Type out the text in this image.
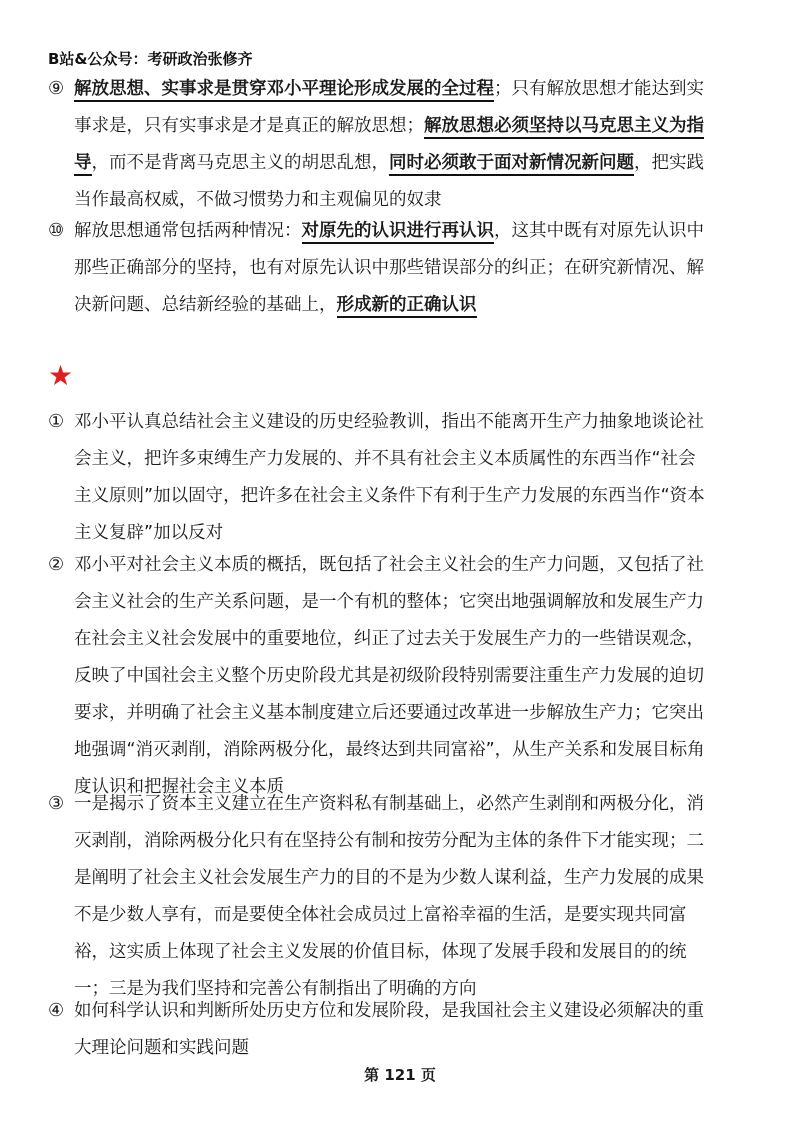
B站&公众号：考研政治张修齐
⑨ 解放思想、实事求是贯穿邓小平理论形成发展的全过程；只有解放思想才能达到实
事求是，只有实事求是才是真正的解放思想；解放思想必须坚持以马克思主义为指
导，而不是背离马克思主义的胡思乱想，同时必须敢于面对新情况新问题，把实践
当作最高权威，不做习惯势力和主观偏见的奴隶
⑩ 解放思想通常包括两种情况：对原先的认识进行再认识，这其中既有对原先认识中
那些正确部分的坚持，也有对原先认识中那些错误部分的纠正；在研究新情况、解
决新问题、总结新经验的基础上，形成新的正确认识
★
① 邓小平认真总结社会主义建设的历史经验教训，指出不能离开生产力抽象地谈论社
会主义，把许多束缚生产力发展的、并不具有社会主义本质属性的东西当作“社会
主义原则”加以固守，把许多在社会主义条件下有利于生产力发展的东西当作“资本
主义复辟”加以反对
② 邓小平对社会主义本质的概括，既包括了社会主义社会的生产力问题，又包括了社
会主义社会的生产关系问题，是一个有机的整体；它突出地强调解放和发展生产力
在社会主义社会发展中的重要地位，纠正了过去关于发展生产力的一些错误观念，
反映了中国社会主义整个历史阶段尤其是初级阶段特别需要注重生产力发展的迫切
要求，并明确了社会主义基本制度建立后还要通过改革进一步解放生产力；它突出
地强调“消灭剥削，消除两极分化，最终达到共同富裕”，从生产关系和发展目标角
度认识和把握社会主义本质
③ 一是揭示了资本主义建立在生产资料私有制基础上，必然产生剥削和两极分化，消
灭剥削，消除两极分化只有在坚持公有制和按劳分配为主体的条件下才能实现；二
是阐明了社会主义社会发展生产力的目的不是为少数人谋利益，生产力发展的成果
不是少数人享有，而是要使全体社会成员过上富裕幸福的生活，是要实现共同富
裕，这实质上体现了社会主义发展的价值目标，体现了发展手段和发展目的的统
一；三是为我们坚持和完善公有制指出了明确的方向
④ 如何科学认识和判断所处历史方位和发展阶段，是我国社会主义建设必须解决的重
大理论问题和实践问题
第 121 页
